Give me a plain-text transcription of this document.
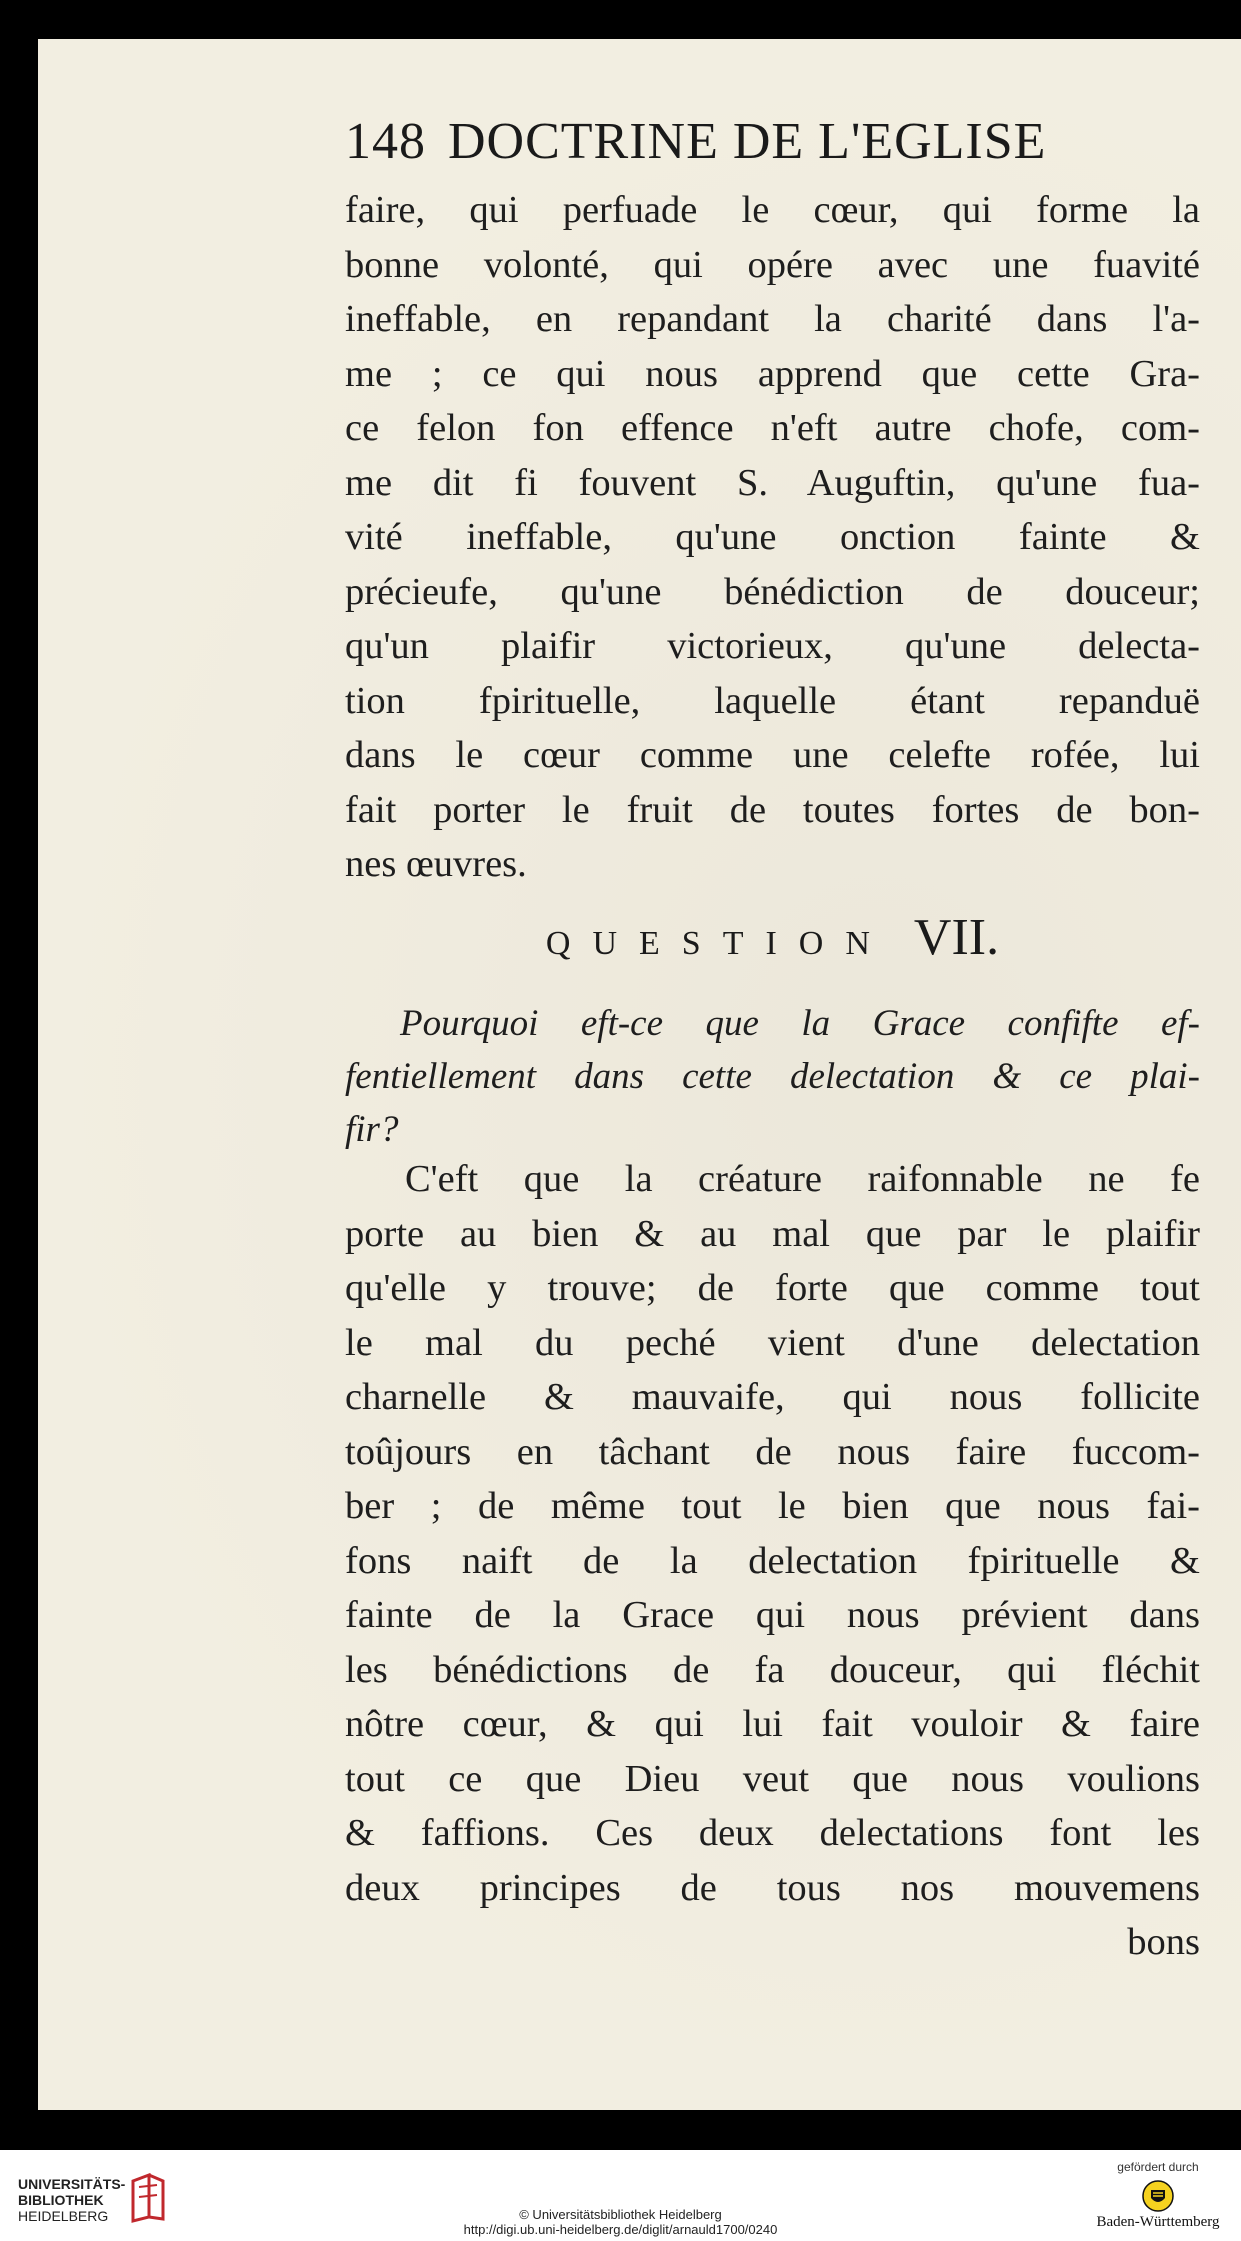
148 DOCTRINE DE L'EGLISE
faire, qui perfuade le cœur, qui forme la
bonne volonté, qui opére avec une fuavité
ineffable, en repandant la charité dans l'a-
me ; ce qui nous apprend que cette Gra-
ce felon fon effence n'eft autre chofe, com-
me dit fi fouvent S. Auguftin, qu'une fua-
vité ineffable, qu'une onction fainte &
précieufe, qu'une bénédiction de douceur;
qu'un plaifir victorieux, qu'une delecta-
tion fpirituelle, laquelle étant repanduë
dans le cœur comme une celefte rofée, lui
fait porter le fruit de toutes fortes de bon-
nes œuvres.
QUESTION VII.
Pourquoi eft-ce que la Grace confifte ef-
fentiellement dans cette delectation & ce plai-
fir?
C'eft que la créature raifonnable ne fe
porte au bien & au mal que par le plaifir
qu'elle y trouve; de forte que comme tout
le mal du peché vient d'une delectation
charnelle & mauvaife, qui nous follicite
toûjours en tâchant de nous faire fuccom-
ber ; de même tout le bien que nous fai-
fons naift de la delectation fpirituelle &
fainte de la Grace qui nous prévient dans
les bénédictions de fa douceur, qui fléchit
nôtre cœur, & qui lui fait vouloir & faire
tout ce que Dieu veut que nous voulions
& faffions. Ces deux delectations font les
deux principes de tous nos mouvemens
bons
UNIVERSITÄTS-
BIBLIOTHEK
HEIDELBERG	© Universitätsbibliothek Heidelberg
http://digi.ub.uni-heidelberg.de/diglit/arnauld1700/0240
gefördert durch
Baden-Württemberg
